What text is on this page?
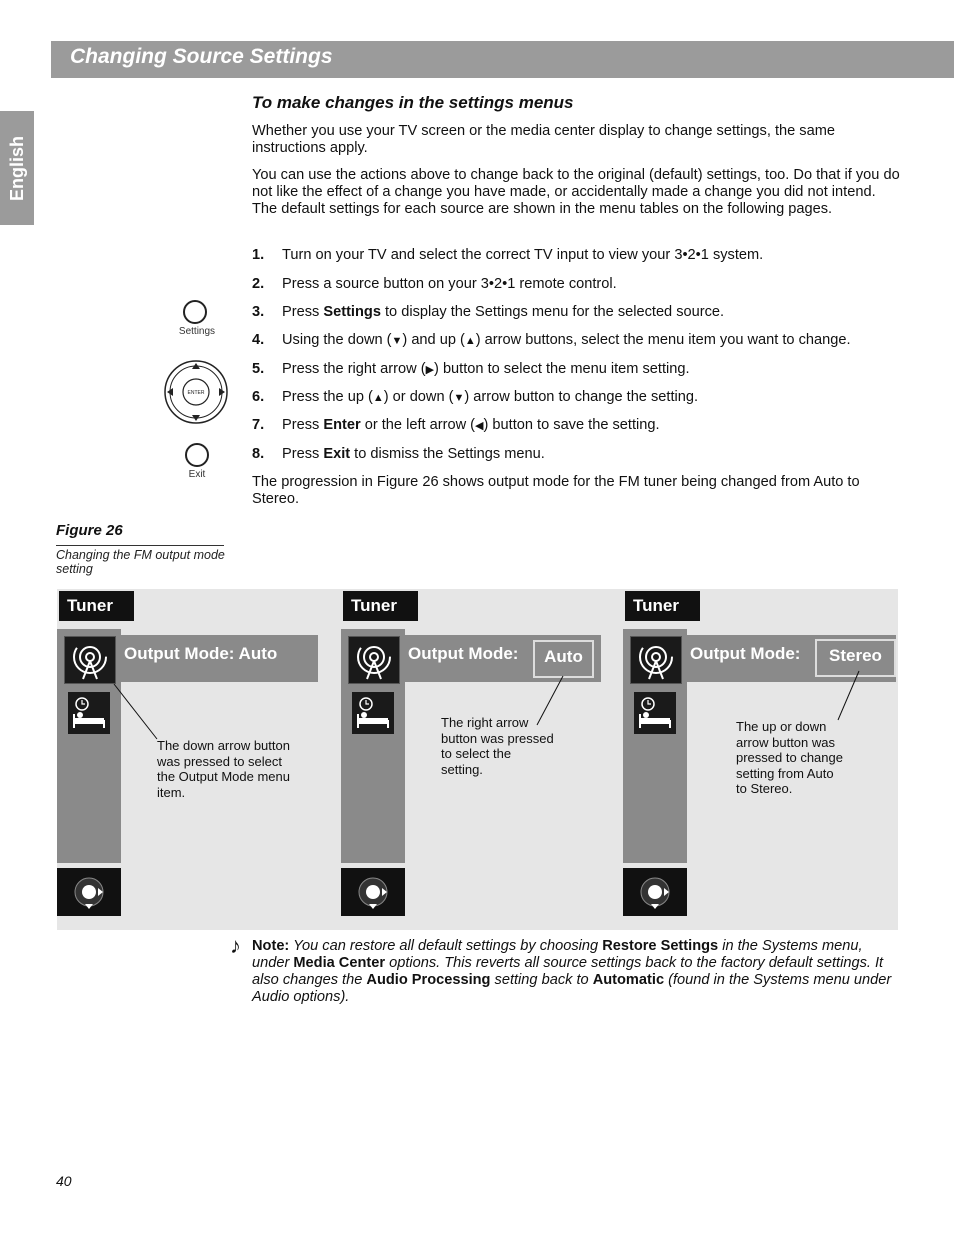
Changing Source Settings
English
To make changes in the settings menus
Whether you use your TV screen or the media center display to change settings, the same instructions apply.
You can use the actions above to change back to the original (default) settings, too. Do that if you do not like the effect of a change you have made, or accidentally made a change you did not intend. The default settings for each source are shown in the menu tables on the following pages.
1. Turn on your TV and select the correct TV input to view your 3•2•1 system.
2. Press a source button on your 3•2•1 remote control.
3. Press Settings to display the Settings menu for the selected source.
4. Using the down (▼) and up (▲) arrow buttons, select the menu item you want to change.
5. Press the right arrow (▶) button to select the menu item setting.
6. Press the up (▲) or down (▼) arrow button to change the setting.
7. Press Enter or the left arrow (◀) button to save the setting.
8. Press Exit to dismiss the Settings menu.
The progression in Figure 26 shows output mode for the FM tuner being changed from Auto to Stereo.
Settings
ENTER
Exit
Figure 26
Changing the FM output mode setting
Tuner
Output Mode: Auto
The down arrow button was pressed to select the Output Mode menu item.
Tuner
Output Mode:	Auto
The right arrow button was pressed to select the setting.
Tuner
Output Mode:	Stereo
The up or down arrow button was pressed to change setting from Auto to Stereo.
♪ Note: You can restore all default settings by choosing Restore Settings in the Systems menu, under Media Center options. This reverts all source settings back to the factory default settings. It also changes the Audio Processing setting back to Automatic (found in the Systems menu under Audio options).
40
